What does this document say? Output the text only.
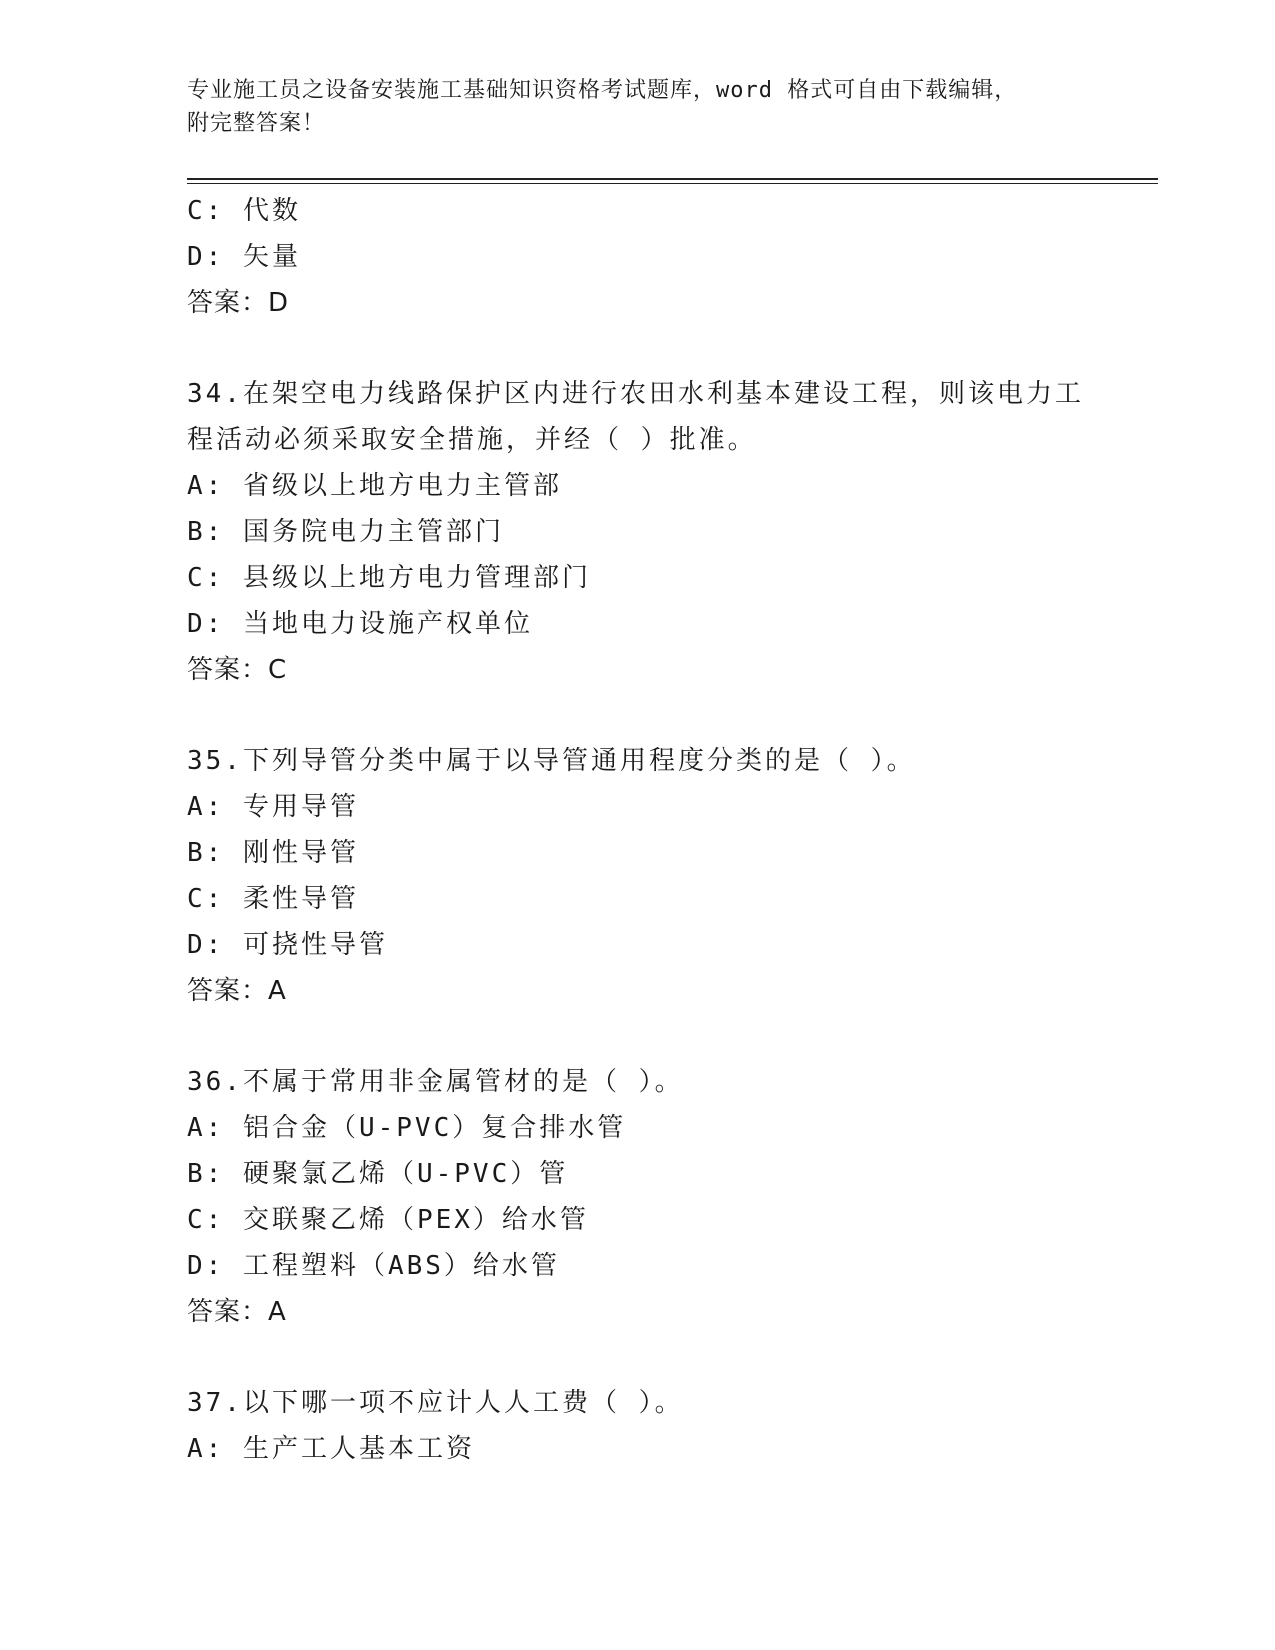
专业施工员之设备安装施工基础知识资格考试题库，word 格式可自由下载编辑，
附完整答案！
C: 代数
D: 矢量
答案：D
34.在架空电力线路保护区内进行农田水利基本建设工程，则该电力工
程活动必须采取安全措施，并经（ ）批准。
A: 省级以上地方电力主管部
B: 国务院电力主管部门
C: 县级以上地方电力管理部门
D: 当地电力设施产权单位
答案：C
35.下列导管分类中属于以导管通用程度分类的是（ ）。
A: 专用导管
B: 刚性导管
C: 柔性导管
D: 可挠性导管
答案：A
36.不属于常用非金属管材的是（ ）。
A: 铝合金（U-PVC）复合排水管
B: 硬聚氯乙烯（U-PVC）管
C: 交联聚乙烯（PEX）给水管
D: 工程塑料（ABS）给水管
答案：A
37.以下哪一项不应计人人工费（ ）。
A: 生产工人基本工资
